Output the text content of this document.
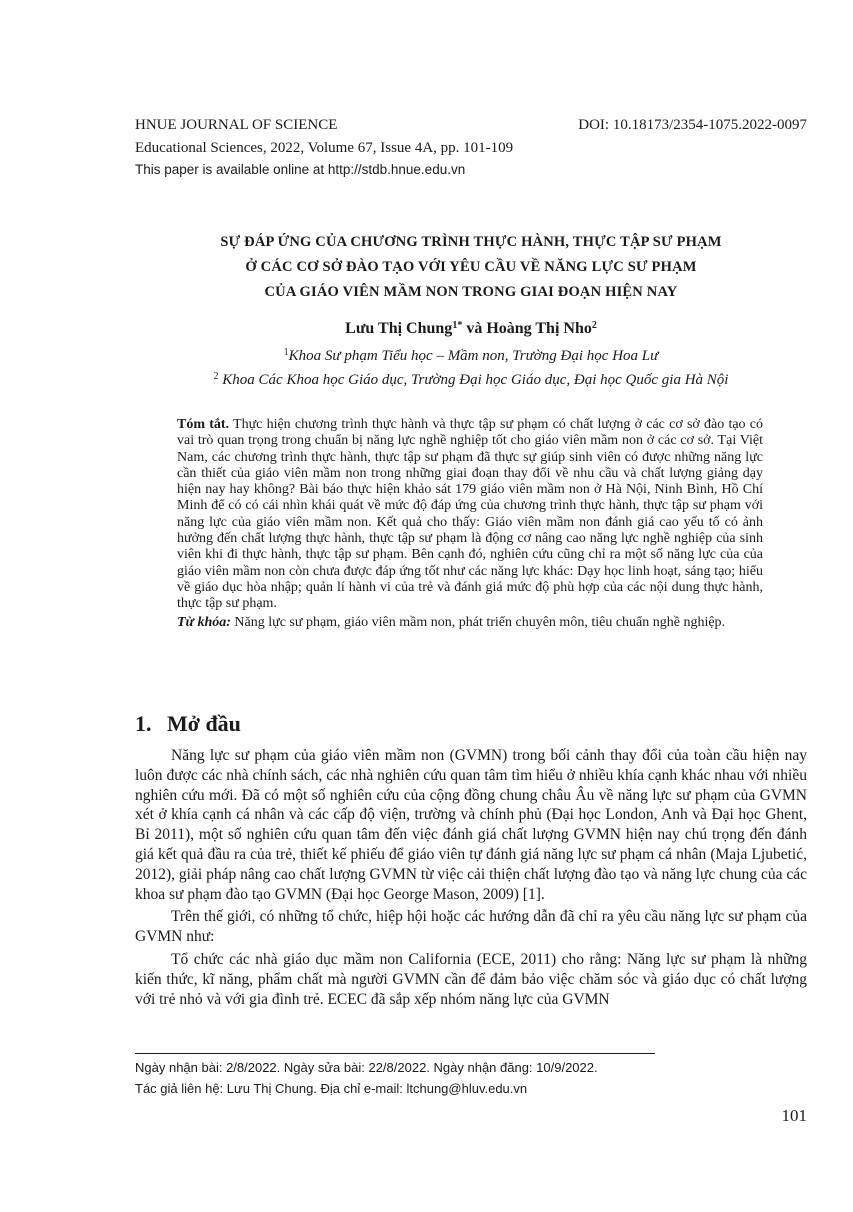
HNUE JOURNAL OF SCIENCE	DOI: 10.18173/2354-1075.2022-0097
Educational Sciences, 2022, Volume 67, Issue 4A, pp. 101-109
This paper is available online at http://stdb.hnue.edu.vn
SỰ ĐÁP ỨNG CỦA CHƯƠNG TRÌNH THỰC HÀNH, THỰC TẬP SƯ PHẠM
Ở CÁC CƠ SỞ ĐÀO TẠO VỚI YÊU CẦU VỀ NĂNG LỰC SƯ PHẠM
CỦA GIÁO VIÊN MẦM NON TRONG GIAI ĐOẠN HIỆN NAY
Lưu Thị Chung$^{1*}$ và Hoàng Thị Nho$^2$
$^1$Khoa Sư phạm Tiểu học – Mầm non, Trường Đại học Hoa Lư
$^2$ Khoa Các Khoa học Giáo dục, Trường Đại học Giáo dục, Đại học Quốc gia Hà Nội

Tóm tắt. Thực hiện chương trình thực hành và thực tập sư phạm có chất lượng ở các cơ sở đào tạo có vai trò quan trọng trong chuẩn bị năng lực nghề nghiệp tốt cho giáo viên mầm non ở các cơ sở. Tại Việt Nam, các chương trình thực hành, thực tập sư phạm đã thực sự giúp sinh viên có được những năng lực cần thiết của giáo viên mầm non trong những giai đoạn thay đổi về nhu cầu và chất lượng giảng dạy hiện nay hay không? Bài báo thực hiện khảo sát 179 giáo viên mầm non ở Hà Nội, Ninh Bình, Hồ Chí Minh để có có cái nhìn khái quát về mức độ đáp ứng của chương trình thực hành, thực tập sư phạm với năng lực của giáo viên mầm non. Kết quả cho thấy: Giáo viên mầm non đánh giá cao yếu tố có ảnh hưởng đến chất lượng thực hành, thực tập sư phạm là động cơ nâng cao năng lực nghề nghiệp của sinh viên khi đi thực hành, thực tập sư phạm. Bên cạnh đó, nghiên cứu cũng chỉ ra một số năng lực của của giáo viên mầm non còn chưa được đáp ứng tốt như các năng lực khác: Dạy học linh hoạt, sáng tạo; hiểu về giáo dục hòa nhập; quản lí hành vi của trẻ và đánh giá mức độ phù hợp của các nội dung thực hành, thực tập sư phạm.

Từ khóa: Năng lực sư phạm, giáo viên mầm non, phát triển chuyên môn, tiêu chuẩn nghề nghiệp.

1. Mở đầu

Năng lực sư phạm của giáo viên mầm non (GVMN) trong bối cảnh thay đổi của toàn cầu hiện nay luôn được các nhà chính sách, các nhà nghiên cứu quan tâm tìm hiểu ở nhiều khía cạnh khác nhau với nhiều nghiên cứu mới. Đã có một số nghiên cứu của cộng đồng chung châu Âu về năng lực sư phạm của GVMN xét ở khía cạnh cá nhân và các cấp độ viện, trường và chính phủ (Đại học London, Anh và Đại học Ghent, Bỉ 2011), một số nghiên cứu quan tâm đến việc đánh giá chất lượng GVMN hiện nay chú trọng đến đánh giá kết quả đầu ra của trẻ, thiết kế phiếu để giáo viên tự đánh giá năng lực sư phạm cá nhân (Maja Ljubetić, 2012), giải pháp nâng cao chất lượng GVMN từ việc cải thiện chất lượng đào tạo và năng lực chung của các khoa sư phạm đào tạo GVMN (Đại học George Mason, 2009) [1].

Trên thế giới, có những tổ chức, hiệp hội hoặc các hướng dẫn đã chỉ ra yêu cầu năng lực sư phạm của GVMN như:

Tổ chức các nhà giáo dục mầm non California (ECE, 2011) cho rằng: Năng lực sư phạm là những kiến thức, kĩ năng, phẩm chất mà người GVMN cần để đảm bảo việc chăm sóc và giáo dục có chất lượng với trẻ nhỏ và với gia đình trẻ. ECEC đã sắp xếp nhóm năng lực của GVMN

Ngày nhận bài: 2/8/2022. Ngày sửa bài: 22/8/2022. Ngày nhận đăng: 10/9/2022.
Tác giả liên hệ: Lưu Thị Chung. Địa chỉ e-mail: ltchung@hluv.edu.vn
101
